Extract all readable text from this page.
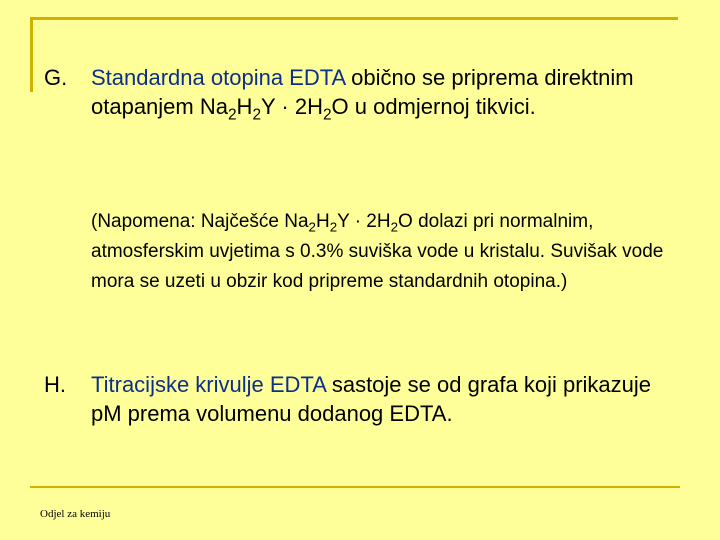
G. Standardna otopina EDTA obično se priprema direktnim otapanjem $Na_2H_2Y \cdot 2H_2O$ u odmjernoj tikvici.
(Napomena: Najčešće $Na_2H_2Y \cdot 2H_2O$ dolazi pri normalnim, atmosferskim uvjetima s 0.3% suviška vode u kristalu. Suvišak vode mora se uzeti u obzir kod pripreme standardnih otopina.)
H. Titracijske krivulje EDTA sastoje se od grafa koji prikazuje pM prema volumenu dodanog EDTA.
Odjel za kemiju
